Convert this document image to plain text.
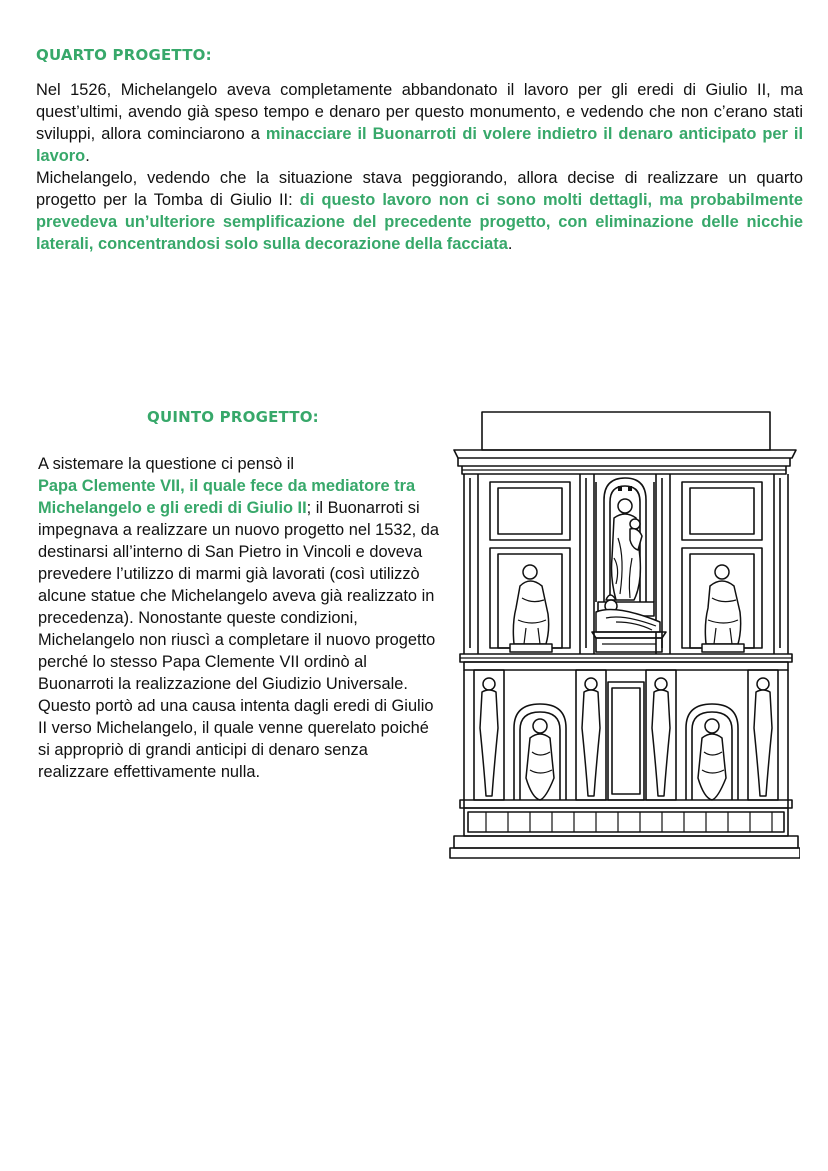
QUARTO PROGETTO:

Nel 1526, Michelangelo aveva completamente abbandonato il lavoro per gli eredi di Giulio II, ma quest’ultimi, avendo già speso tempo e denaro per questo monumento, e vedendo che non c’erano stati sviluppi, allora cominciarono a minacciare il Buonarroti di volere indietro il denaro anticipato per il lavoro.
Michelangelo, vedendo che la situazione stava peggiorando, allora decise di realizzare un quarto progetto per la Tomba di Giulio II: di questo lavoro non ci sono molti dettagli, ma probabilmente prevedeva un’ulteriore semplificazione del precedente progetto, con eliminazione delle nicchie laterali, concentrandosi solo sulla decorazione della facciata.

QUINTO PROGETTO:

A sistemare la questione ci pensò il
Papa Clemente VII, il quale fece da mediatore tra Michelangelo e gli eredi di Giulio II; il Buonarroti si impegnava a realizzare un nuovo progetto nel 1532, da destinarsi all’interno di San Pietro in Vincoli e doveva prevedere l’utilizzo di marmi già lavorati (così utilizzò alcune statue che Michelangelo aveva già realizzato in precedenza). Nonostante queste condizioni, Michelangelo non riuscì a completare il nuovo progetto perché lo stesso Papa Clemente VII ordinò al Buonarroti la realizzazione del Giudizio Universale.
Questo portò ad una causa intenta dagli eredi di Giulio II verso Michelangelo, il quale venne querelato poiché si appropriò di grandi anticipi di denaro senza realizzare effettivamente nulla.
